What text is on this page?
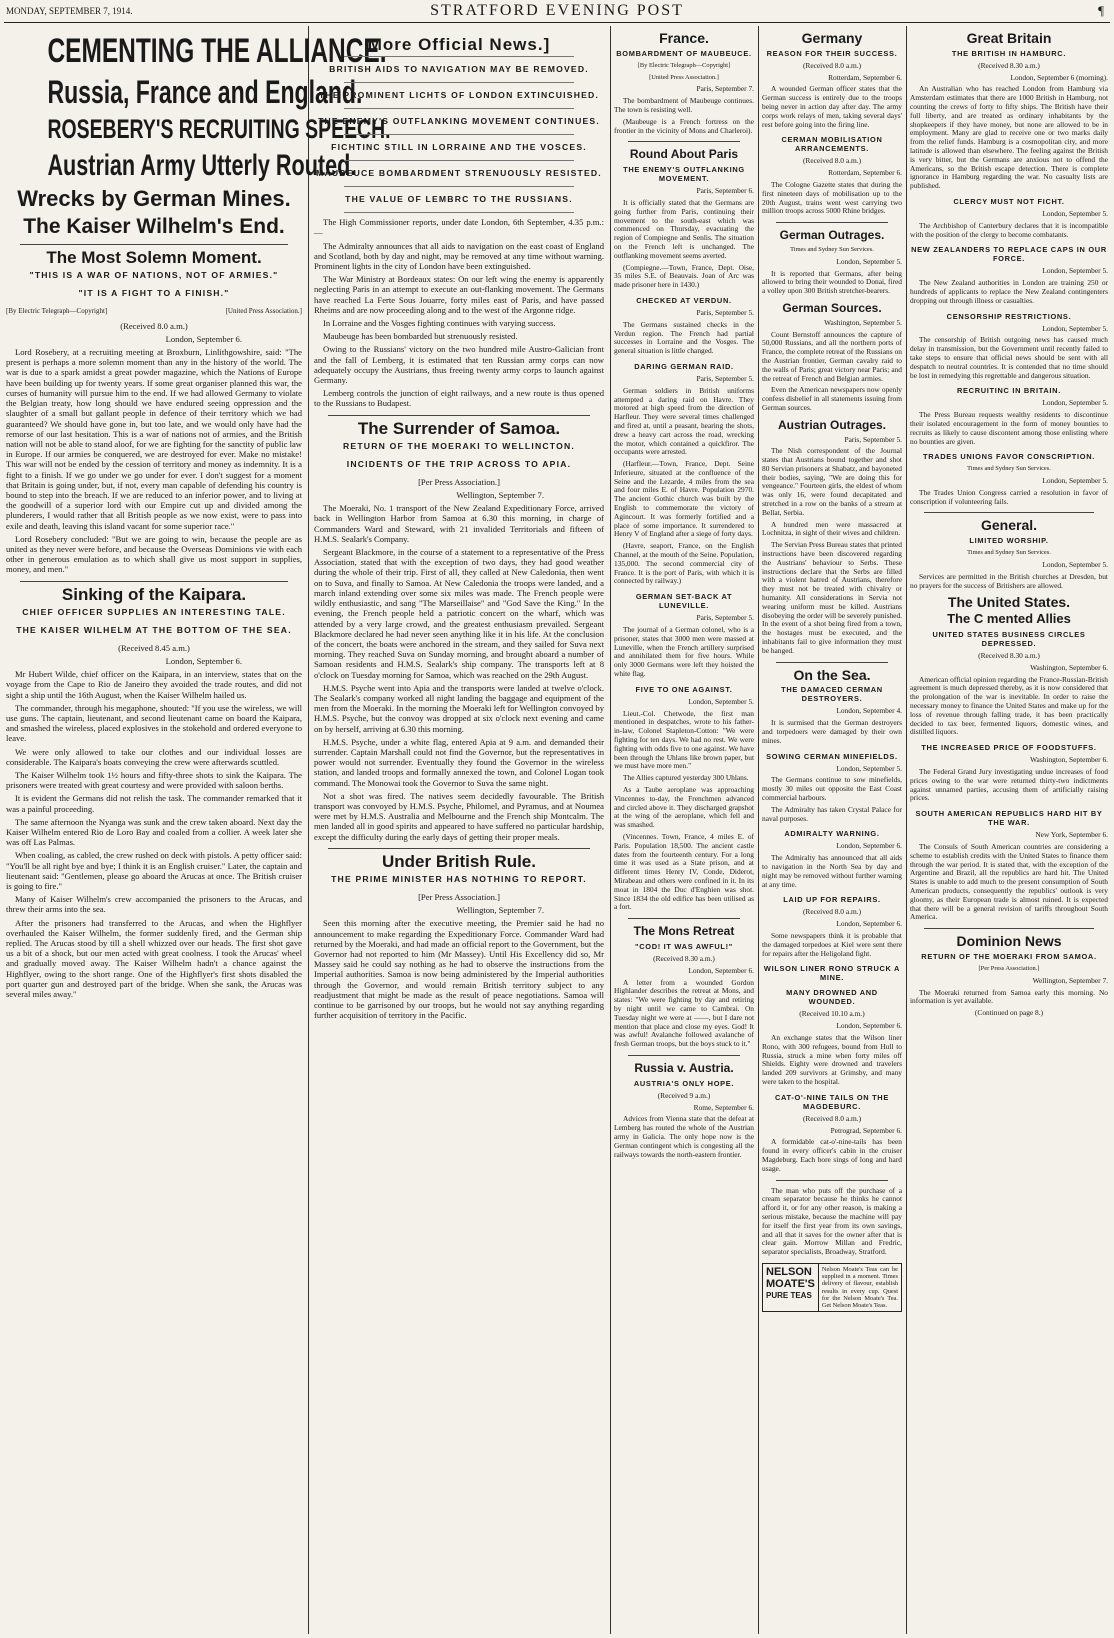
MONDAY, SEPTEMBER 7, 1914.	STRATFORD EVENING POST	¶
CEMENTING THE ALLIANCE.
Russia, France and England.
ROSEBERY'S RECRUITING SPEECH.
Austrian Army Utterly Routed.
Wrecks by German Mines.
The Kaiser Wilhelm's End.
The Most Solemn Moment.
"THIS IS A WAR OF NATIONS, NOT OF ARMIES."
"IT IS A FIGHT TO A FINISH."
[By Electric Telegraph—Copyright]	[United Press Association.]

(Received 8.0 a.m.)

London, September 6.

Lord Rosebery, at a recruiting meeting at Broxburn, Linlithgowshire, said: "The present is perhaps a more solemn moment than any in the history of the world. The war is due to a spark amidst a great powder magazine, which the Nations of Europe have been building up for twenty years. If some great organiser planned this war, the curses of humanity will pursue him to the end. If we had allowed Germany to violate the Belgian treaty, how long should we have endured seeing oppression and the slaughter of a small but gallant people in defence of their territory which we had guaranteed? We should have gone in, but too late, and we would only have had the remorse of our last hesitation. This is a war of nations not of armies, and the British nation will not be able to stand aloof, for we are fighting for the sanctity of public law in Europe. If our armies be conquered, we are destroyed for ever. Make no mistake! This war will not be ended by the cession of territory and money as indemnity. It is a fight to a finish. If we go under we go under for ever. I don't suggest for a moment that Britain is going under, but, if not, every man capable of defending his country is bound to step into the breach. If we are reduced to an inferior power, and to living at the goodwill of a superior lord with our Empire cut up and divided among the plunderers, I would rather that all British people as we now exist, were to pass into exile and death, leaving this island vacant for some superior race."

Lord Rosebery concluded: "But we are going to win, because the people are as united as they never were before, and because the Overseas Dominions vie with each other in generous emulation as to which shall give us most support in supplies, money, and men."

Sinking of the Kaipara.
CHIEF OFFICER SUPPLIES AN INTERESTING TALE.
THE KAISER WILHELM AT THE BOTTOM OF THE SEA.

(Received 8.45 a.m.)

London, September 6.

Mr Hubert Wilde, chief officer on the Kaipara, in an interview, states that on the voyage from the Cape to Rio de Janeiro they avoided the trade routes, and did not sight a ship until the 16th August, when the Kaiser Wilhelm hailed us.

The commander, through his megaphone, shouted: "If you use the wireless, we will use guns. The captain, lieutenant, and second lieutenant came on board the Kaipara, and smashed the wireless, placed explosives in the stokehold and ordered everyone to leave.

We were only allowed to take our clothes and our individual losses are considerable. The Kaipara's boats conveying the crew were afterwards scuttled.

The Kaiser Wilhelm took 1½ hours and fifty-three shots to sink the Kaipara. The prisoners were treated with great courtesy and were provided with saloon berths.

It is evident the Germans did not relish the task. The commander remarked that it was a painful proceeding.

The same afternoon the Nyanga was sunk and the crew taken aboard. Next day the Kaiser Wilhelm entered Rio de Loro Bay and coaled from a collier. A week later she was off Las Palmas.

When coaling, as cabled, the crew rushed on deck with pistols. A petty officer said: "You'll be all right bye and bye; I think it is an English cruiser." Later, the captain and lieutenant said: "Gentlemen, please go aboard the Arucas at once. The British cruiser is going to fire."

Many of Kaiser Wilhelm's crew accompanied the prisoners to the Arucas, and threw their arms into the sea.

After the prisoners had transferred to the Arucas, and when the Highflyer overhauled the Kaiser Wilhelm, the former suddenly fired, and the German ship replied. The Arucas stood by till a shell whizzed over our heads. The first shot gave us a bit of a shock, but our men acted with great coolness. I took the Arucas' wheel and gradually moved away. The Kaiser Wilhelm hadn't a chance against the Highflyer, owing to the short range. One of the Highflyer's first shots disabled the port quarter gun and destroyed part of the bridge. When she sank, the Arucas was several miles away."

More Official News.]
BRITISH AIDS TO NAVIGATION MAY BE REMOVED.
THE PROMINENT LICHTS OF LONDON EXTINCUISHED.
THE ENEMY'S OUTFLANKING MOVEMENT CONTINUES.
FICHTINC STILL IN LORRAINE AND THE VOSCES.
MAUBEUCE BOMBARDMENT STRENUOUSLY RESISTED.
THE VALUE OF LEMBRC TO THE RUSSIANS.

The High Commissioner reports, under date London, 6th September, 4.35 p.m.:—

The Admiralty announces that all aids to navigation on the east coast of England and Scotland, both by day and night, may be removed at any time without warning. Prominent lights in the city of London have been extinguished.

The War Ministry at Bordeaux states: On our left wing the enemy is apparently neglecting Paris in an attempt to execute an out-flanking movement. The Germans have reached La Ferte Sous Jouarre, forty miles east of Paris, and have passed Rheims and are now proceeding along and to the west of the Argonne ridge.

In Lorraine and the Vosges fighting continues with varying success.

Maubeuge has been bombarded but strenuously resisted.

Owing to the Russians' victory on the two hundred mile Austro-Galician front and the fall of Lemberg, it is estimated that ten Russian army corps can now adequately occupy the Austrians, thus freeing twenty army corps to launch against Germany.

Lemberg controls the junction of eight railways, and a new route is thus opened to the Russians to Budapest.

The Surrender of Samoa.
RETURN OF THE MOERAKI TO WELLINCTON.
INCIDENTS OF THE TRIP ACROSS TO APIA.

[Per Press Association.]

Wellington, September 7.

The Moeraki, No. 1 transport of the New Zealand Expeditionary Force, arrived back in Wellington Harbor from Samoa at 6.30 this morning, in charge of Commanders Ward and Steward, with 21 invalided Territorials and fifteen of H.M.S. Sealark's Company.

Sergeant Blackmore, in the course of a statement to a representative of the Press Association, stated that with the exception of two days, they had good weather during the whole of their trip. First of all, they called at New Caledonia, then went on to Suva, and finally to Samoa. At New Caledonia the troops were landed, and a march inland extending over some six miles was made. The French people were wildly enthusiastic, and sang "The Marseillaise" and "God Save the King." In the evening, the French people held a patriotic concert on the wharf, which was attended by a very large crowd, and the greatest enthusiasm prevailed. Sergeant Blackmore declared he had never seen anything like it in his life. At the conclusion of the concert, the boats were anchored in the stream, and they sailed for Suva next morning. They reached Suva on Sunday morning, and brought aboard a number of Samoan residents and H.M.S. Sealark's ship company. The transports left at 8 o'clock on Tuesday morning for Samoa, which was reached on the 29th August.

H.M.S. Psyche went into Apia and the transports were landed at twelve o'clock. The Sealark's company worked all night landing the baggage and equipment of the men from the Moeraki. In the morning the Moeraki left for Wellington convoyed by H.M.S. Psyche, but the convoy was dropped at six o'clock next evening and came on by herself, arriving at 6.30 this morning.

H.M.S. Psyche, under a white flag, entered Apia at 9 a.m. and demanded their surrender. Captain Marshall could not find the Governor, but the representatives in power would not surrender. Eventually they found the Governor in the wireless station, and landed troops and formally annexed the town, and Colonel Logan took command. The Monowai took the Governor to Suva the same night.

Not a shot was fired. The natives seem decidedly favourable. The British transport was convoyed by H.M.S. Psyche, Philomel, and Pyramus, and at Noumea were met by H.M.S. Australia and Melbourne and the French ship Montcalm. The men landed all in good spirits and appeared to have suffered no particular hardship, except the difficulty during the early days of getting their proper meals.

Under British Rule.
THE PRIME MINISTER HAS NOTHING TO REPORT.

[Per Press Association.]

Wellington, September 7.

Seen this morning after the executive meeting, the Premier said he had no announcement to make regarding the Expeditionary Force. Commander Ward had returned by the Moeraki, and had made an official report to the Government, but the Governor had not reported to him (Mr Massey). Until His Excellency did so, Mr Massey said he could say nothing as he had to observe the instructions from the Imperial authorities. Samoa is now being administered by the Imperial authorities through the Governor, and would remain British territory subject to any readjustment that might be made as the result of peace negotiations. Samoa will continue to be garrisoned by our troops, but he would not say anything regarding further acquisition of territory in the Pacific.

France.
BOMBARDMENT OF MAUBEUCE.

[By Electric Telegraph—Copyright]

[United Press Association.]

Paris, September 7.

The bombardment of Maubeuge continues. The town is resisting well.

(Maubeuge is a French fortress on the frontier in the vicinity of Mons and Charleroi).

Round About Paris
THE ENEMY'S OUTFLANKING MOVEMENT.

Paris, September 6.

It is officially stated that the Germans are going further from Paris, continuing their movement to the south-east which was commenced on Thursday, evacuating the region of Compiegne and Senlis. The situation on the French left is unchanged. The outflanking movement seems averted.

(Compiegne.—Town, France, Dept. Oise, 35 miles S.E. of Beauvais. Joan of Arc was made prisoner here in 1430.)

CHECKED AT VERDUN.

Paris, September 5.

The Germans sustained checks in the Verdun region. The French had partial successes in Lorraine and the Vosges. The general situation is little changed.

DARING GERMAN RAID.

Paris, September 5.

German soldiers in British uniforms attempted a daring raid on Havre. They motored at high speed from the direction of Harfleur. They were several times challenged and fired at, until a peasant, hearing the shots, drew a heavy cart across the road, wrecking the motor, which contained a quickfiror. The occupants were arrested.

(Harfleur.—Town, France, Dept. Seine Inferieure, situated at the confluence of the Seine and the Lezarde, 4 miles from the sea and four miles E. of Havre. Population 2970. The ancient Gothic church was built by the English to commemorate the victory of Agincourt. It was formerly fortified and a place of some importance. It surrendered to Henry V of England after a siege of forty days.

(Havre, seaport, France, on the English Channel, at the mouth of the Seine. Population, 135,000. The second commercial city of France. It is the port of Paris, with which it is connected by railway.)

GERMAN SET-BACK AT LUNEVILLE.

Paris, September 5.

The journal of a German colonel, who is a prisoner, states that 3000 men were massed at Luneville, when the French artillery surprised and annihilated them for five hours. While only 3000 Germans were left they hoisted the white flag.

FIVE TO ONE AGAINST.

London, September 5.

Lieut.-Col. Chetwode, the first man mentioned in despatches, wrote to his father-in-law, Colonel Stapleton-Cotton: "We were fighting for ten days. We had no rest. We were fighting with odds five to one against. We have been through the Uhlans like brown paper, but we must have more men."

The Allies captured yesterday 300 Uhlans.

As a Taube aeroplane was approaching Vincennes to-day, the Frenchmen advanced and circled above it. They discharged grapshot at the wing of the aeroplane, which fell and was smashed.

(Vincennes. Town, France, 4 miles E. of Paris. Population 18,500. The ancient castle dates from the fourteenth century. For a long time it was used as a State prison, and at different times Henry IV, Conde, Diderot, Mirabeau and others were confined in it. In its moat in 1804 the Duc d'Enghien was shot. Since 1834 the old edifice has been utilised as a fort.

The Mons Retreat
"COD! IT WAS AWFUL!"

(Received 8.30 a.m.)

London, September 6.

A letter from a wounded Gordon Highlander describes the retreat at Mons, and states: "We were fighting by day and retiring by night until we came to Cambrai. On Tuesday night we were at ——, but I dare not mention that place and close my eyes. God! It was awful! Avalanche followed avalanche of fresh German troops, but the boys stuck to it."

Russia v. Austria.
AUSTRIA'S ONLY HOPE.

(Received 9 a.m.)

Rome, September 6.

Advices from Vienna state that the defeat at Lemberg has routed the whole of the Austrian army in Galicia. The only hope now is the German contingent which is congesting all the railways towards the north-eastern frontier.

Germany
REASON FOR THEIR SUCCESS.

(Received 8.0 a.m.)

Rotterdam, September 6.

A wounded German officer states that the German success is entirely due to the troops being never in action day after day. The army corps work relays of men, taking several days' rest before going into the firing line.

CERMAN MOBILISATION ARRANCEMENTS.

(Received 8.0 a.m.)

Rotterdam, September 6.

The Cologne Gazette states that during the first nineteen days of mobilisation up to the 20th August, trains went west carrying two million troops across 5000 Rhine bridges.

German Outrages.

Times and Sydney Sun Services.

London, September 5.

It is reported that Germans, after being allowed to bring their wounded to Donai, fired a volley upon 300 British stretcher-bearers.

German Sources.

Washington, September 5.

Count Bernstoff announces the capture of 50,000 Russians, and all the northern ports of France, the complete retreat of the Russians on the Austrian frontier, German cavalry raid to the walls of Paris; great victory near Paris; and the retreat of French and Belgian armies.

Even the American newspapers now openly confess disbelief in all statements issuing from German sources.

Austrian Outrages.

Paris, September 5.

The Nish correspondent of the Journal states that Austrians bound together and shot 80 Servian prisoners at Shabatz, and bayoneted their bodies, saying, "We are doing this for vengeance." Fourteen girls, the eldest of whom was only 16, were found decapitated and stretched in a row on the banks of a stream at Bellat, Serbia.

A hundred men were massacred at Lochnitza, in sight of their wives and children.

The Servian Press Bureau states that printed instructions have been discovered regarding the Austrians' behaviour to Serbs. These instructions declare that the Serbs are filled with a violent hatred of Austrians, therefore they must not be treated with chivalry or humanity. All considerations in Servia not wearing uniform must be killed. Austrians disobeying the order will be severely punished. In the event of a shot being fired from a town, the hostages must be executed, and the inhabitants fail to give information they must be hanged.

On the Sea.
THE DAMACED CERMAN DESTROYERS.

London, September 4.

It is surmised that the German destroyers and torpedoers were damaged by their own mines.

SOWING CERMAN MINEFIELDS.

London, September 5.

The Germans continue to sow minefields, mostly 30 miles out opposite the East Coast commercial harbours.

The Admiralty has taken Crystal Palace for naval purposes.

ADMIRALTY WARNING.

London, September 6.

The Admiralty has announced that all aids to navigation in the North Sea by day and night may be removed without further warning at any time.

LAID UP FOR REPAIRS.

(Received 8.0 a.m.)

London, September 6.

Some newspapers think it is probable that the damaged torpedoes at Kiel were sent there for repairs after the Heligoland fight.

WILSON LINER RONO STRUCK A MINE.
MANY DROWNED AND WOUNDED.

(Received 10.10 a.m.)

London, September 6.

An exchange states that the Wilson liner Rono, with 300 refugees, bound from Hull to Russia, struck a mine when forty miles off Shields. Eighty were drowned and travelers landed 209 survivors at Grimsby, and many were taken to the hospital.

CAT-O'-NINE TAILS ON THE MAGDEBURC.

(Received 8.0 a.m.)

Petrograd, September 6.

A formidable cat-o'-nine-tails has been found in every officer's cabin in the cruiser Magdeburg. Each bore sings of long and hard usage.

The man who puts off the purchase of a cream separator because he thinks he cannot afford it, or for any other reason, is making a serious mistake, because the machine will pay for itself the first year from its own savings, and all that it saves for the owner after that is clear gain. Morrow Millan and Fredric, separator specialists, Broadway, Stratford.

NELSON
MOATE'S
PURE TEAS
Nelson Moate's Teas can be supplied in a moment. Times delivery of flavour, establish results in every cup. Quest for the Nelson Moate's Tea. Get Nelson Moate's Teas.
Great Britain
THE BRITISH IN HAMBURC.

(Received 8.30 a.m.)

London, September 6 (morning).

An Australian who has reached London from Hamburg via Amsterdam estimates that there are 1000 British in Hamburg, not counting the crews of forty to fifty ships. The British have their full liberty, and are treated as ordinary inhabitants by the shopkeepers if they have money, but none are allowed to be in employment. Many are glad to receive one or two marks daily from the relief funds. Hamburg is a cosmopolitan city, and more latitude is allowed than elsewhere. The feeling against the British is very bitter, but the Germans are anxious not to offend the Americans, so the British escape detection. There is complete ignorance in Hamburg regarding the war. No casualty lists are published.

CLERCY MUST NOT FICHT.

London, September 5.

The Archbishop of Canterbury declares that it is incompatible with the position of the clergy to become combatants.

NEW ZEALANDERS TO REPLACE CAPS IN OUR FORCE.

London, September 5.

The New Zealand authorities in London are training 250 or hundreds of applicants to replace the New Zealand contingenters dropping out through illness or casualties.

CENSORSHIP RESTRICTIONS.

London, September 5.

The censorship of British outgoing news has caused much delay in transmission, but the Government until recently failed to take steps to ensure that official news should be sent with all despatch to neutral countries. It is contended that no time should be lost in remedying this regrettable and dangerous situation.

RECRUITINC IN BRITAIN.

London, September 5.

The Press Bureau requests wealthy residents to discontinue their isolated encouragement in the form of money bounties to recruits as likely to cause discontent among those enlisting where no bounties are given.

TRADES UNIONS FAVOR CONSCRIPTION.

Times and Sydney Sun Services.

London, September 5.

The Trades Union Congress carried a resolution in favor of conscription if volunteering fails.

General.
LIMITED WORSHIP.

Times and Sydney Sun Services.

London, September 5.

Services are permitted in the British churches at Dresden, but no prayers for the success of Britishers are allowed.

The United States.
The C mented Allies
UNITED STATES BUSINESS CIRCLES DEPRESSED.

(Received 8.30 a.m.)

Washington, September 6.

American official opinion regarding the France-Russian-British agreement is much depressed thereby, as it is now considered that the prolongation of the war is inevitable. In order to raise the necessary money to finance the United States and make up for the loss of revenue through falling trade, it has been practically decided to tax beer, fermented liquors, domestic wines, and distilled liquors.

THE INCREASED PRICE OF FOODSTUFFS.

Washington, September 6.

The Federal Grand Jury investigating undue increases of food prices owing to the war were returned thirty-two indictments against unnamed parties, accusing them of artificially raising prices.

SOUTH AMERICAN REPUBLICS HARD HIT BY THE WAR.

New York, September 6.

The Consuls of South American countries are considering a scheme to establish credits with the United States to finance them through the war period. It is stated that, with the exception of the Argentine and Brazil, all the republics are hard hit. The United States is unable to add much to the present consumption of South American products, consequently the republics' outlook is very gloomy, as their European trade is almost ruined. It is expected that there will be a general revision of tariffs throughout South America.

Dominion News
RETURN OF THE MOERAKI FROM SAMOA.

[Per Press Association.]

Wellington, September 7.

The Moeraki returned from Samoa early this morning. No information is yet available.

(Continued on page 8.)
